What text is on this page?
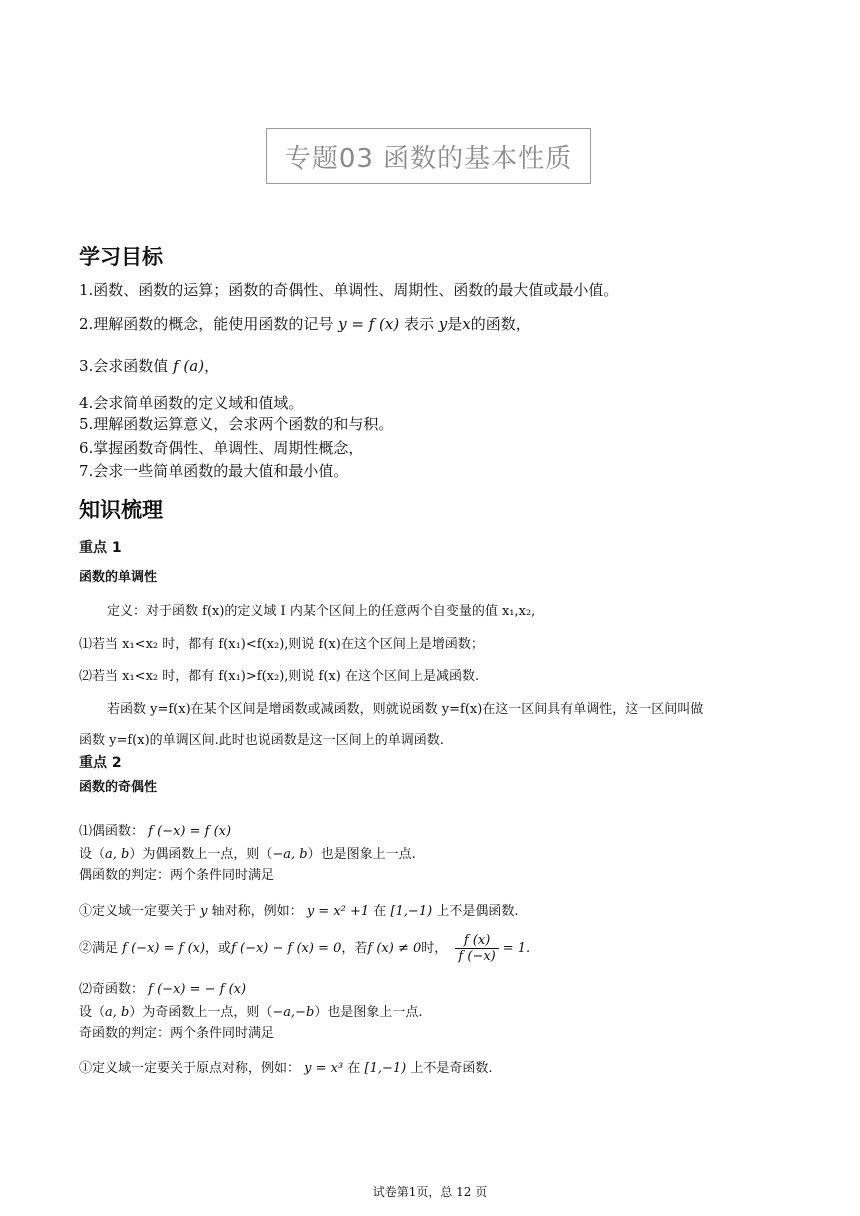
专题03 函数的基本性质
学习目标
1.函数、函数的运算；函数的奇偶性、单调性、周期性、函数的最大值或最小值。
2.理解函数的概念，能使用函数的记号 y = f (x) 表示 y是x的函数，
3.会求函数值 f (a)，
4.会求简单函数的定义域和值域。
5.理解函数运算意义，会求两个函数的和与积。
6.掌握函数奇偶性、单调性、周期性概念，
7.会求一些简单函数的最大值和最小值。
知识梳理
重点 1
函数的单调性
定义：对于函数 f(x)的定义域 I 内某个区间上的任意两个自变量的值 x₁,x₂,
⑴若当 x₁<x₂ 时，都有 f(x₁)<f(x₂),则说 f(x)在这个区间上是增函数；
⑵若当 x₁<x₂ 时，都有 f(x₁)>f(x₂),则说 f(x) 在这个区间上是减函数.
若函数 y=f(x)在某个区间是增函数或减函数，则就说函数 y=f(x)在这一区间具有单调性，这一区间叫做
函数 y=f(x)的单调区间.此时也说函数是这一区间上的单调函数.
重点 2
函数的奇偶性
⑴偶函数： f (−x) = f (x)
设（a, b）为偶函数上一点，则（−a, b）也是图象上一点.
偶函数的判定：两个条件同时满足
①定义域一定要关于 y 轴对称，例如： y = x² +1 在 [1,−1) 上不是偶函数.
②满足 f (−x) = f (x)，或f (−x) − f (x) = 0，若f (x) ≠ 0时， $\frac{f (x)}{f (-x)} = 1$.
⑵奇函数： f (−x) = − f (x)
设（a, b）为奇函数上一点，则（−a,−b）也是图象上一点.
奇函数的判定：两个条件同时满足
①定义域一定要关于原点对称，例如： y = x³ 在 [1,−1) 上不是奇函数.
试卷第1页，总 12 页
